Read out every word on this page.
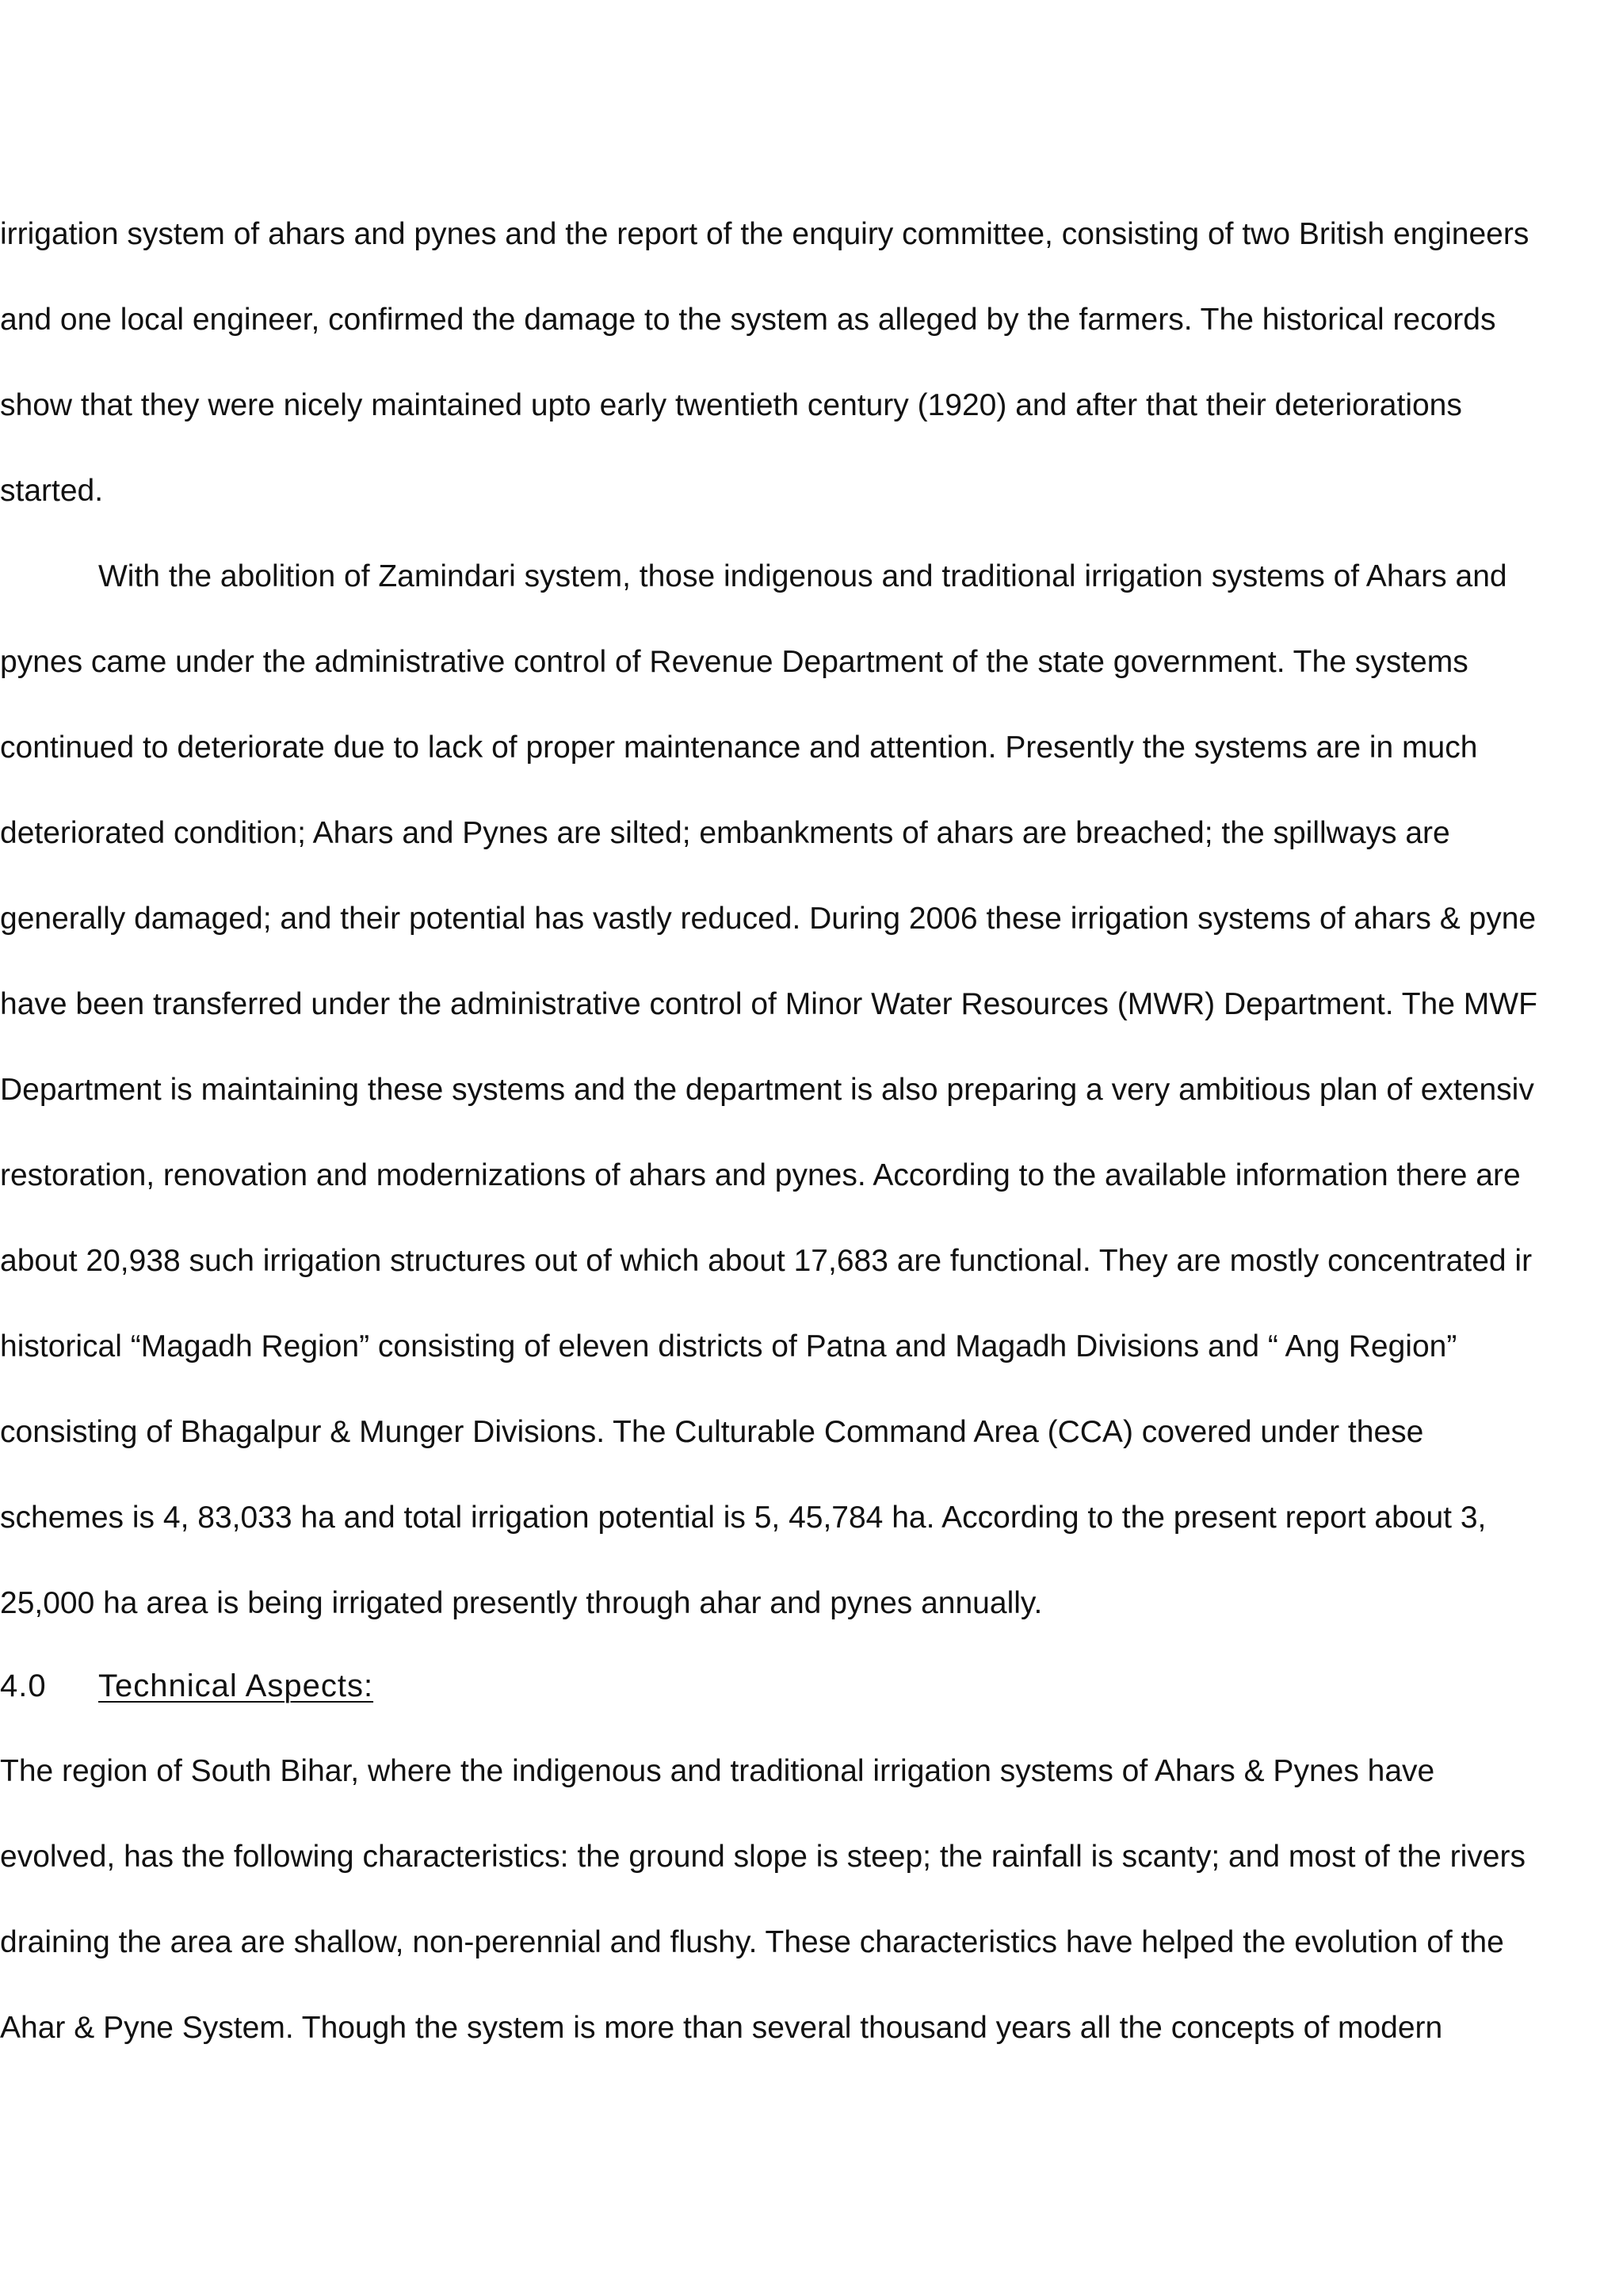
irrigation system of ahars and pynes and the report of the enquiry committee, consisting of two British engineers
and one local engineer, confirmed the damage to the system as alleged by the farmers. The historical records
show that they were nicely maintained upto early twentieth century (1920) and after that their deteriorations
started.
With the abolition of Zamindari system, those indigenous and traditional irrigation systems of Ahars and
pynes came under the administrative control of Revenue Department of the state government. The systems
continued to deteriorate due to lack of proper maintenance and attention. Presently the systems are in much
deteriorated condition; Ahars and Pynes are silted; embankments of ahars are breached; the spillways are
generally damaged; and their potential has vastly reduced. During 2006 these irrigation systems of ahars & pyne
have been transferred under the administrative control of Minor Water Resources (MWR) Department. The MWF
Department is maintaining these systems and the department is also preparing a very ambitious plan of extensiv
restoration, renovation and modernizations of ahars and pynes. According to the available information there are
about 20,938 such irrigation structures out of which about 17,683 are functional. They are mostly concentrated ir
historical “Magadh Region” consisting of eleven districts of Patna and Magadh Divisions and “ Ang Region”
consisting of Bhagalpur & Munger Divisions. The Culturable Command Area (CCA) covered under these
schemes is 4, 83,033 ha and total irrigation potential is 5, 45,784 ha. According to the present report about 3,
25,000 ha area is being irrigated presently through ahar and pynes annually.
4.0 Technical Aspects:
The region of South Bihar, where the indigenous and traditional irrigation systems of Ahars & Pynes have
evolved, has the following characteristics: the ground slope is steep; the rainfall is scanty; and most of the rivers
draining the area are shallow, non-perennial and flushy. These characteristics have helped the evolution of the
Ahar & Pyne System. Though the system is more than several thousand years all the concepts of modern
